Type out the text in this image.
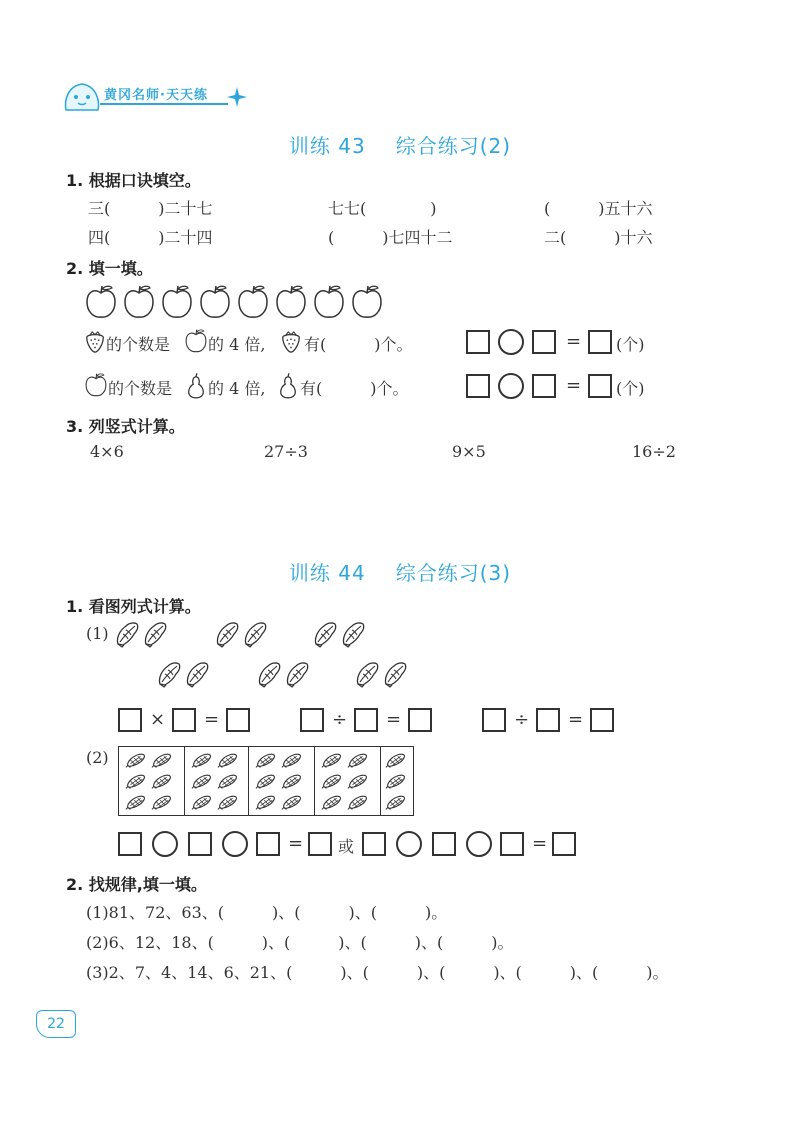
黄冈名师·天天练
训练 43 综合练习(2)
1. 根据口诀填空。
三(　　　)二十七	七七(　　　　)	(　　　)五十六
四(　　　)二十四	(　　　)七四十二	二(　　　)十六
2. 填一填。
的个数是 的 4 倍, 有(　　　)个。	= (个)
的个数是 的 4 倍, 有(　　　)个。	= (个)
3. 列竖式计算。
4×6	27÷3	9×5	16÷2
训练 44 综合练习(3)
1. 看图列式计算。
(1)
× =	÷ =	÷ =
(2)
= 或	=
2. 找规律,填一填。
(1)81、72、63、(　　　)、(　　　)、(　　　)。
(2)6、12、18、(　　　)、(　　　)、(　　　)、(　　　)。
(3)2、7、4、14、6、21、(　　　)、(　　　)、(　　　)、(　　　)、(　　　)。
22
